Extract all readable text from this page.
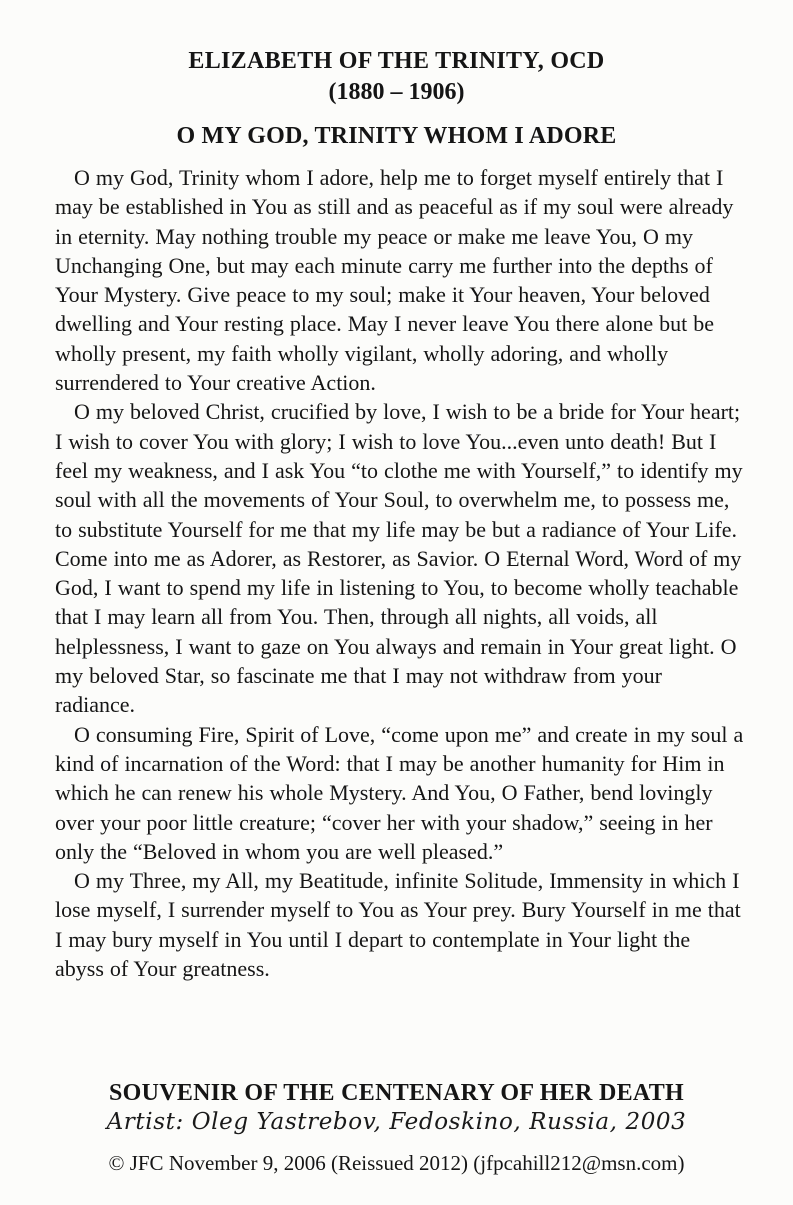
ELIZABETH OF THE TRINITY, OCD
(1880 – 1906)
O MY GOD, TRINITY WHOM I ADORE

O my God, Trinity whom I adore, help me to forget myself entirely that I may be established in You as still and as peaceful as if my soul were already in eternity. May nothing trouble my peace or make me leave You, O my Unchanging One, but may each minute carry me further into the depths of Your Mystery. Give peace to my soul; make it Your heaven, Your beloved dwelling and Your resting place. May I never leave You there alone but be wholly present, my faith wholly vigilant, wholly adoring, and wholly surrendered to Your creative Action.

O my beloved Christ, crucified by love, I wish to be a bride for Your heart; I wish to cover You with glory; I wish to love You...even unto death! But I feel my weakness, and I ask You “to clothe me with Yourself,” to identify my soul with all the movements of Your Soul, to overwhelm me, to possess me, to substitute Yourself for me that my life may be but a radiance of Your Life. Come into me as Adorer, as Restorer, as Savior. O Eternal Word, Word of my God, I want to spend my life in listening to You, to become wholly teachable that I may learn all from You. Then, through all nights, all voids, all helplessness, I want to gaze on You always and remain in Your great light. O my beloved Star, so fascinate me that I may not withdraw from your radiance.

O consuming Fire, Spirit of Love, “come upon me” and create in my soul a kind of incarnation of the Word: that I may be another humanity for Him in which he can renew his whole Mystery. And You, O Father, bend lovingly over your poor little creature; “cover her with your shadow,” seeing in her only the “Beloved in whom you are well pleased.”

O my Three, my All, my Beatitude, infinite Solitude, Immensity in which I lose myself, I surrender myself to You as Your prey. Bury Yourself in me that I may bury myself in You until I depart to contemplate in Your light the abyss of Your greatness.

SOUVENIR OF THE CENTENARY OF HER DEATH
Artist: Oleg Yastrebov, Fedoskino, Russia, 2003
© JFC November 9, 2006 (Reissued 2012) (jfpcahill212@msn.com)
